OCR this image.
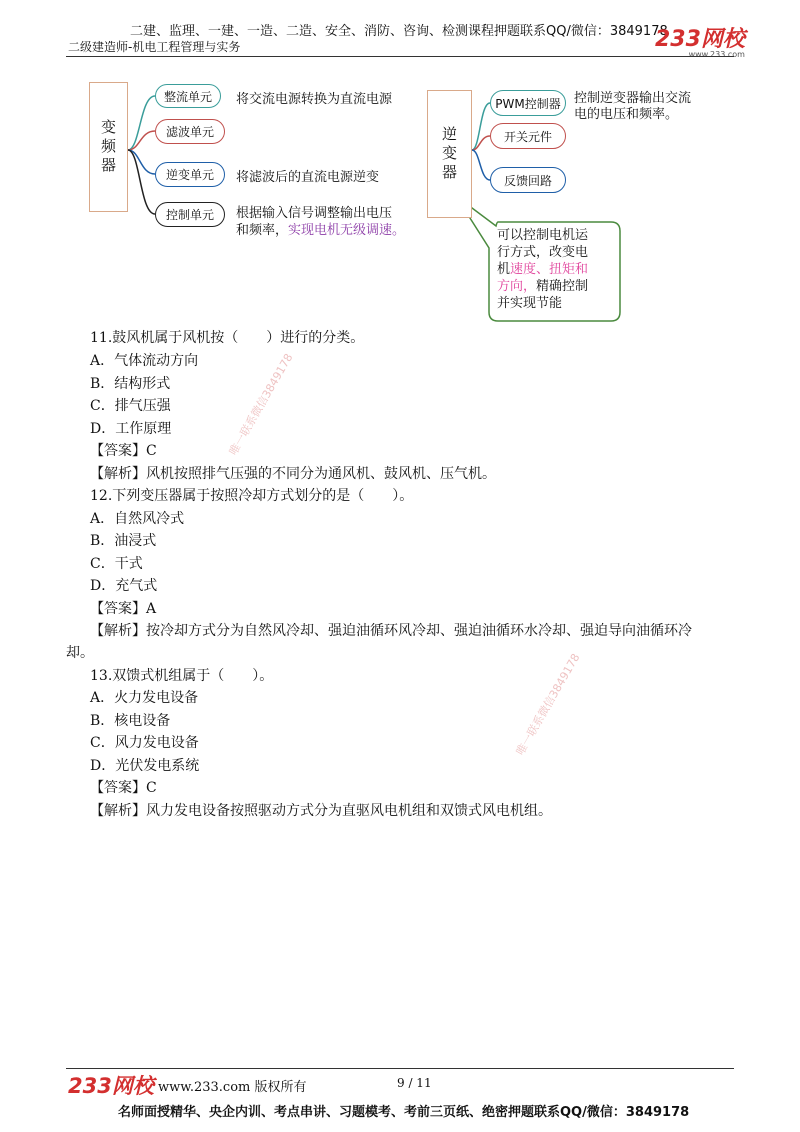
二建、监理、一建、一造、二造、安全、消防、咨询、检测课程押题联系QQ/微信：3849178
二级建造师-机电工程管理与实务	233网校
www.233.com
变频器
整流单元	将交流电源转换为直流电源
滤波单元
逆变单元	将滤波后的直流电源逆变
控制单元	根据输入信号调整输出电压
和频率，实现电机无级调速。
逆变器
PWM控制器	控制逆变器输出交流
电的电压和频率。
开关元件
反馈回路
可以控制电机运
行方式，改变电
机速度、扭矩和
方向，精确控制
并实现节能
11.鼓风机属于风机按（　　）进行的分类。
A．气体流动方向
B．结构形式
C．排气压强
D．工作原理
【答案】C
【解析】风机按照排气压强的不同分为通风机、鼓风机、压气机。
12.下列变压器属于按照冷却方式划分的是（　　）。
A．自然风冷式
B．油浸式
C．干式
D．充气式
【答案】A
【解析】按冷却方式分为自然风冷却、强迫油循环风冷却、强迫油循环水冷却、强迫导向油循环冷
却。
13.双馈式机组属于（　　）。
A．火力发电设备
B．核电设备
C．风力发电设备
D．光伏发电系统
【答案】C
【解析】风力发电设备按照驱动方式分为直驱风电机组和双馈式风电机组。
唯一联系微信3849178
唯一联系微信3849178
233网校 www.233.com 版权所有	9 / 11
名师面授精华、央企内训、考点串讲、习题模考、考前三页纸、绝密押题联系QQ/微信：3849178
